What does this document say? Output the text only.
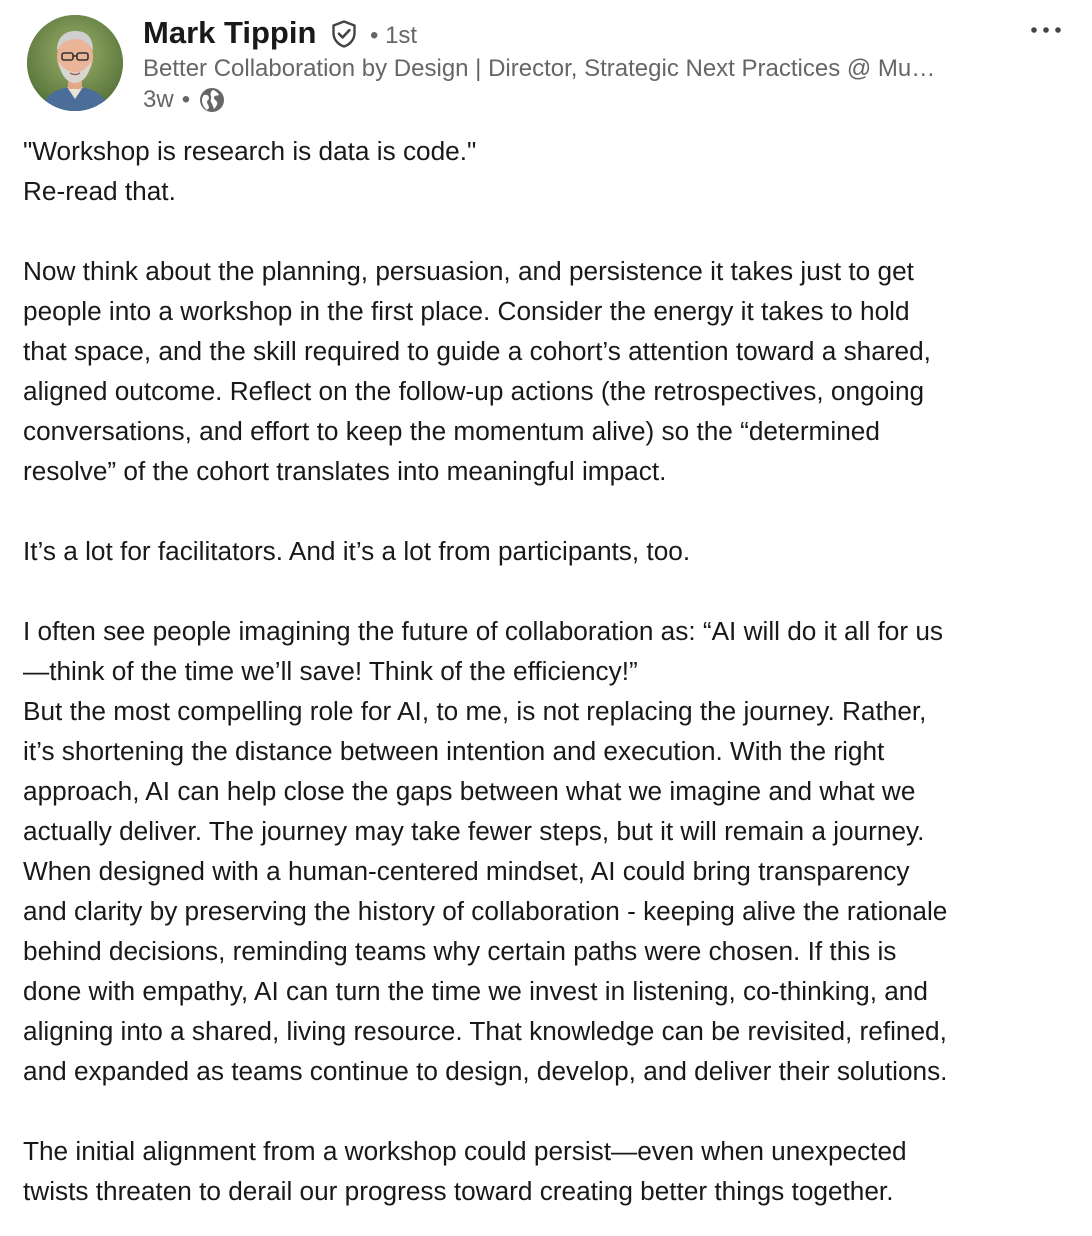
Mark Tippin • 1st
Better Collaboration by Design | Director, Strategic Next Practices @ Mu…
3w •

"Workshop is research is data is code."

Re-read that.

Now think about the planning, persuasion, and persistence it takes just to get

people into a workshop in the first place. Consider the energy it takes to hold

that space, and the skill required to guide a cohort’s attention toward a shared,

aligned outcome. Reflect on the follow-up actions (the retrospectives, ongoing

conversations, and effort to keep the momentum alive) so the “determined

resolve” of the cohort translates into meaningful impact.

It’s a lot for facilitators. And it’s a lot from participants, too.

I often see people imagining the future of collaboration as: “AI will do it all for us

—think of the time we’ll save! Think of the efficiency!”

But the most compelling role for AI, to me, is not replacing the journey. Rather,

it’s shortening the distance between intention and execution. With the right

approach, AI can help close the gaps between what we imagine and what we

actually deliver. The journey may take fewer steps, but it will remain a journey.

When designed with a human-centered mindset, AI could bring transparency

and clarity by preserving the history of collaboration - keeping alive the rationale

behind decisions, reminding teams why certain paths were chosen. If this is

done with empathy, AI can turn the time we invest in listening, co-thinking, and

aligning into a shared, living resource. That knowledge can be revisited, refined,

and expanded as teams continue to design, develop, and deliver their solutions.

The initial alignment from a workshop could persist—even when unexpected

twists threaten to derail our progress toward creating better things together.
